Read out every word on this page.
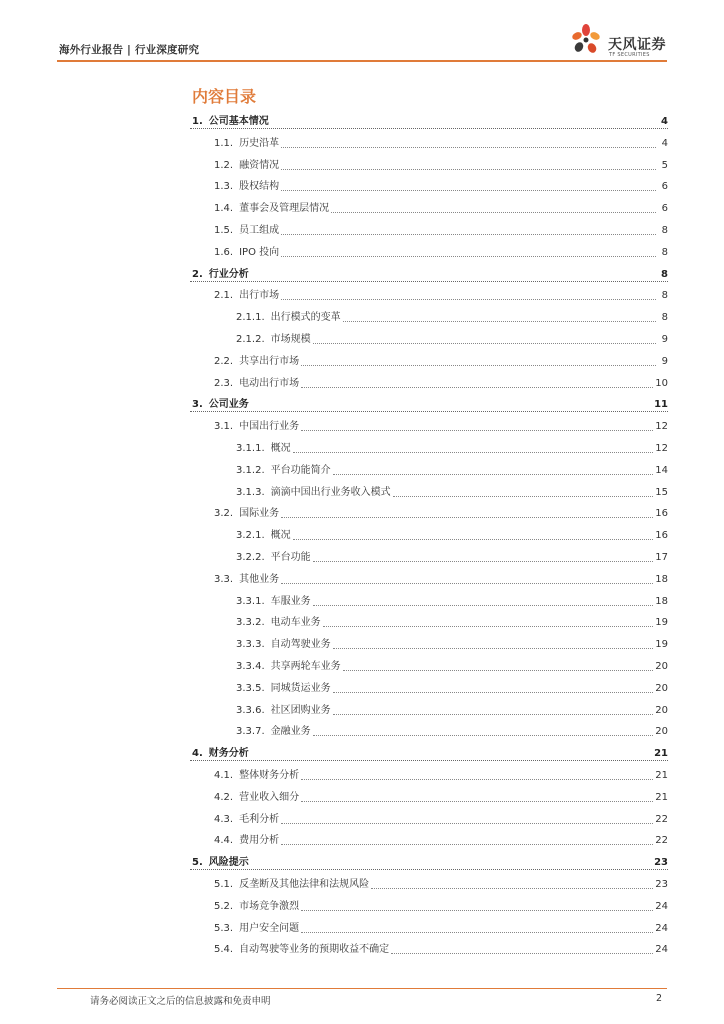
海外行业报告 | 行业深度研究	天风证券
TF SECURITIES
内容目录
1. 公司基本情况	4
1.1. 历史沿革	4
1.2. 融资情况	5
1.3. 股权结构	6
1.4. 董事会及管理层情况	6
1.5. 员工组成	8
1.6. IPO 投向	8
2. 行业分析	8
2.1. 出行市场	8
2.1.1. 出行模式的变革	8
2.1.2. 市场规模	9
2.2. 共享出行市场	9
2.3. 电动出行市场	10
3. 公司业务	11
3.1. 中国出行业务	12
3.1.1. 概况	12
3.1.2. 平台功能简介	14
3.1.3. 滴滴中国出行业务收入模式	15
3.2. 国际业务	16
3.2.1. 概况	16
3.2.2. 平台功能	17
3.3. 其他业务	18
3.3.1. 车服业务	18
3.3.2. 电动车业务	19
3.3.3. 自动驾驶业务	19
3.3.4. 共享两轮车业务	20
3.3.5. 同城货运业务	20
3.3.6. 社区团购业务	20
3.3.7. 金融业务	20
4. 财务分析	21
4.1. 整体财务分析	21
4.2. 营业收入细分	21
4.3. 毛利分析	22
4.4. 费用分析	22
5. 风险提示	23
5.1. 反垄断及其他法律和法规风险	23
5.2. 市场竞争激烈	24
5.3. 用户安全问题	24
5.4. 自动驾驶等业务的预期收益不确定	24
请务必阅读正文之后的信息披露和免责申明	2
